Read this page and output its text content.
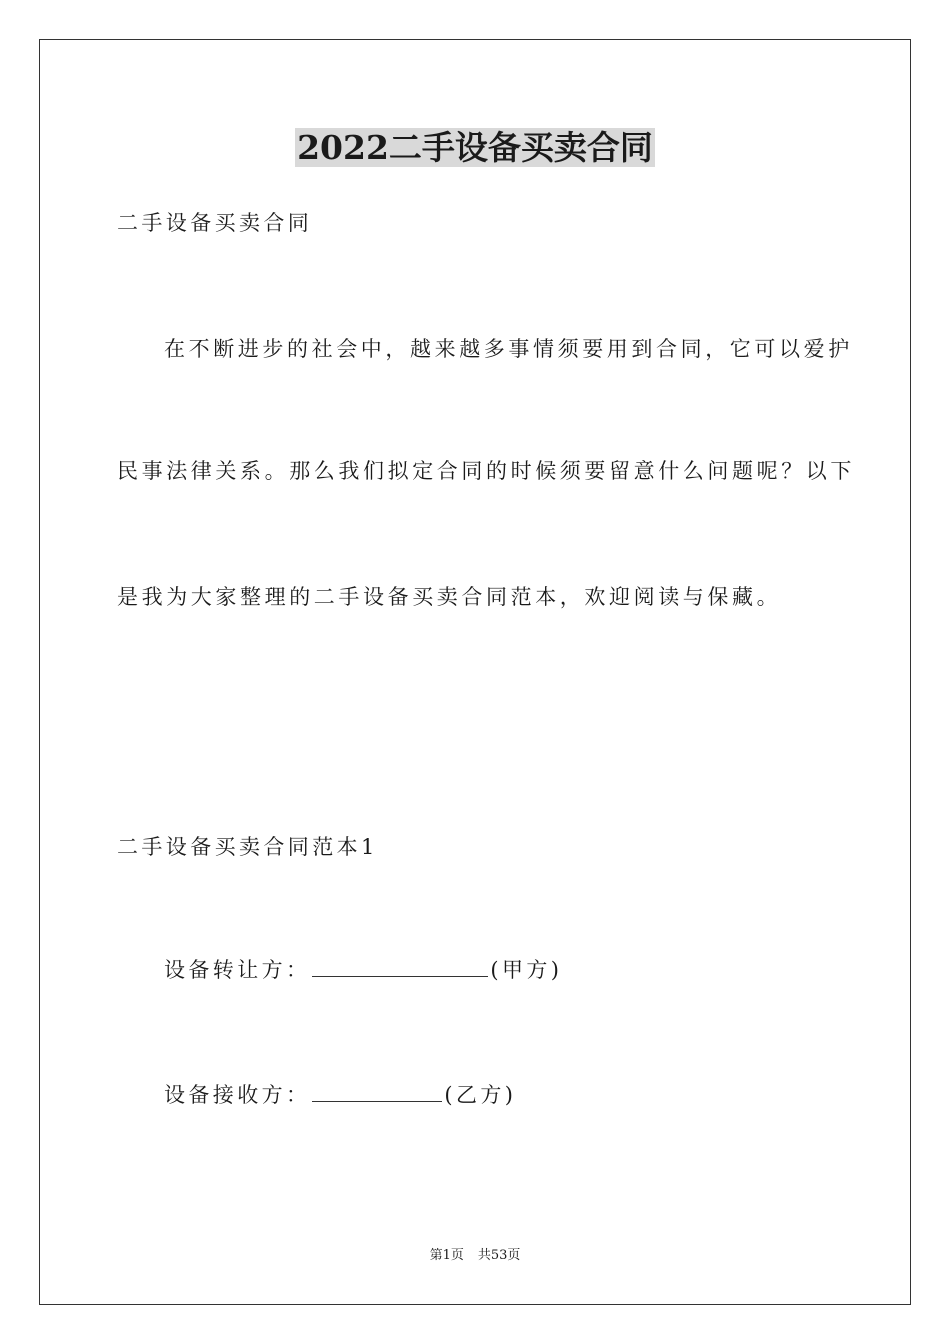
2022二手设备买卖合同
二手设备买卖合同
在不断进步的社会中，越来越多事情须要用到合同，它可以爱护
民事法律关系。那么我们拟定合同的时候须要留意什么问题呢？以下
是我为大家整理的二手设备买卖合同范本，欢迎阅读与保藏。
二手设备买卖合同范本1
设备转让方：	(甲方)
设备接收方：	(乙方)
第1页 共53页
